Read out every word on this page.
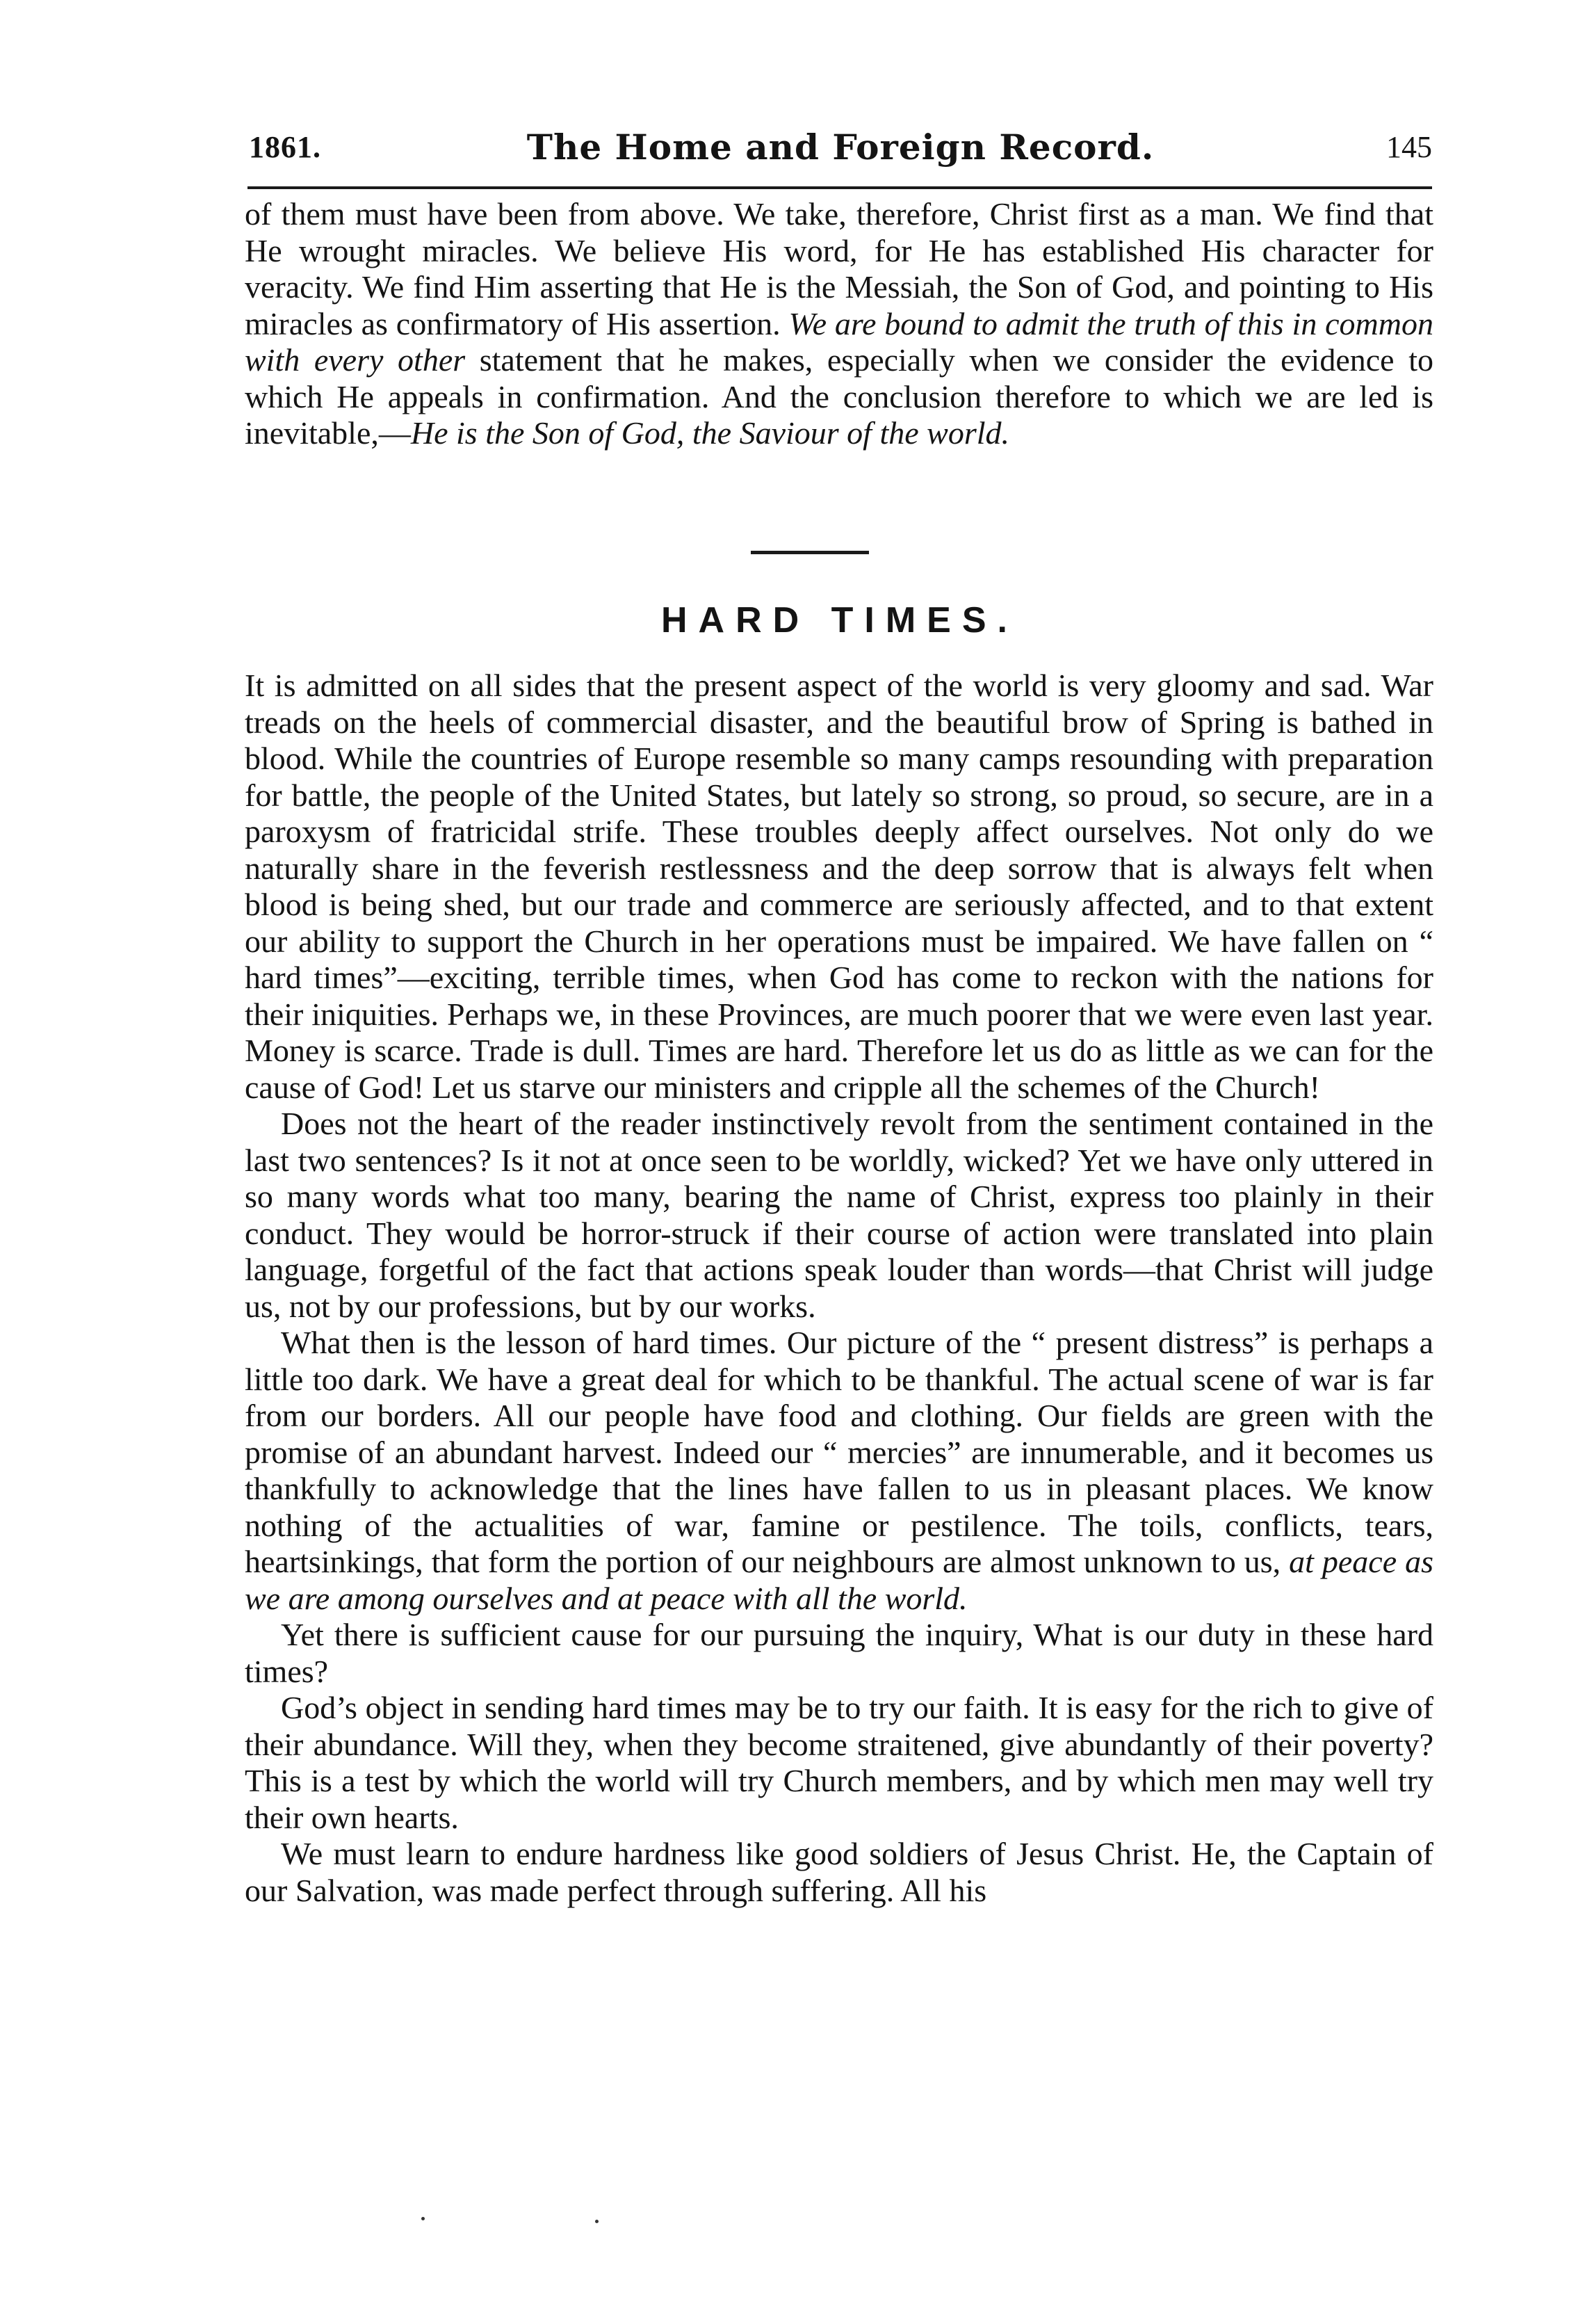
1861.	The Home and Foreign Record.	145

of them must have been from above. We take, therefore, Christ first as a man. We find that He wrought miracles. We believe His word, for He has established His character for veracity. We find Him asserting that He is the Messiah, the Son of God, and pointing to His miracles as confirmatory of His assertion. We are bound to admit the truth of this in common with every other statement that he makes, especially when we consider the evidence to which He appeals in confirmation. And the conclusion therefore to which we are led is inevitable,—He is the Son of God, the Saviour of the world.

HARD TIMES.

It is admitted on all sides that the present aspect of the world is very gloomy and sad. War treads on the heels of commercial disaster, and the beautiful brow of Spring is bathed in blood. While the countries of Europe resemble so many camps resounding with preparation for battle, the people of the United States, but lately so strong, so proud, so secure, are in a paroxysm of fratricidal strife. These troubles deeply affect ourselves. Not only do we naturally share in the feverish restlessness and the deep sorrow that is always felt when blood is being shed, but our trade and commerce are seriously affected, and to that extent our ability to support the Church in her operations must be impaired. We have fallen on “ hard times”—exciting, terrible times, when God has come to reckon with the nations for their iniquities. Perhaps we, in these Provinces, are much poorer that we were even last year. Money is scarce. Trade is dull. Times are hard. Therefore let us do as little as we can for the cause of God! Let us starve our ministers and cripple all the schemes of the Church!

Does not the heart of the reader instinctively revolt from the sentiment contained in the last two sentences? Is it not at once seen to be worldly, wicked? Yet we have only uttered in so many words what too many, bearing the name of Christ, express too plainly in their conduct. They would be horror-struck if their course of action were translated into plain language, forgetful of the fact that actions speak louder than words—that Christ will judge us, not by our professions, but by our works.

What then is the lesson of hard times. Our picture of the “ present distress” is perhaps a little too dark. We have a great deal for which to be thankful. The actual scene of war is far from our borders. All our people have food and clothing. Our fields are green with the promise of an abundant harvest. Indeed our “ mercies” are innumerable, and it becomes us thankfully to acknowledge that the lines have fallen to us in pleasant places. We know nothing of the actualities of war, famine or pestilence. The toils, conflicts, tears, heartsinkings, that form the portion of our neighbours are almost unknown to us, at peace as we are among ourselves and at peace with all the world.

Yet there is sufficient cause for our pursuing the inquiry, What is our duty in these hard times?

God’s object in sending hard times may be to try our faith. It is easy for the rich to give of their abundance. Will they, when they become straitened, give abundantly of their poverty? This is a test by which the world will try Church members, and by which men may well try their own hearts.

We must learn to endure hardness like good soldiers of Jesus Christ. He, the Captain of our Salvation, was made perfect through suffering. All his
